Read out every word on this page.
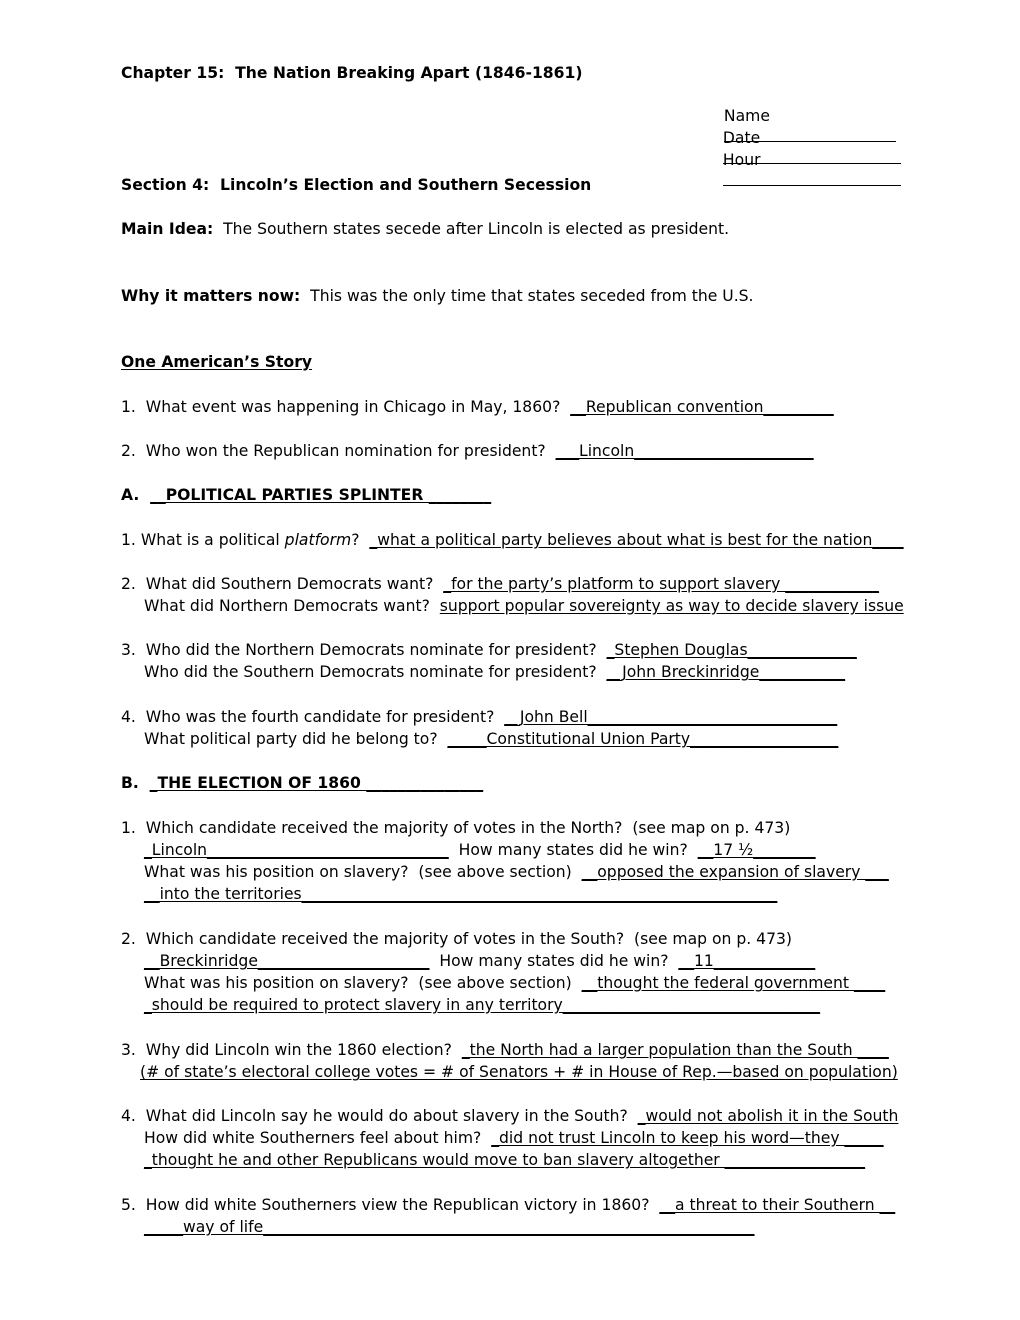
Chapter 15:  The Nation Breaking Apart (1846-1861)

Name

Date

Hour

Section 4:  Lincoln’s Election and Southern Secession
Main Idea:  The Southern states secede after Lincoln is elected as president.
Why it matters now:  This was the only time that states seceded from the U.S.
One American’s Story
1.  What event was happening in Chicago in May, 1860?  __Republican convention_________
2.  Who won the Republican nomination for president?  ___Lincoln_______________________
A.  __POLITICAL PARTIES SPLINTER ________
1. What is a political platform?  _what a political party believes about what is best for the nation____
2.  What did Southern Democrats want?  _for the party’s platform to support slavery ____________
What did Northern Democrats want?  support popular sovereignty as way to decide slavery issue
3.  Who did the Northern Democrats nominate for president?  _Stephen Douglas______________
Who did the Southern Democrats nominate for president?  __John Breckinridge___________
4.  Who was the fourth candidate for president?  __John Bell________________________________
What political party did he belong to?  _____Constitutional Union Party___________________
B.  _THE ELECTION OF 1860 _______________
1.  Which candidate received the majority of votes in the North?  (see map on p. 473)
_Lincoln_______________________________  How many states did he win?  __17 ½________
What was his position on slavery?  (see above section)  __opposed the expansion of slavery ___
__into the territories_____________________________________________________________
2.  Which candidate received the majority of votes in the South?  (see map on p. 473)
__Breckinridge______________________  How many states did he win?  __11_____________
What was his position on slavery?  (see above section)  __thought the federal government ____
_should be required to protect slavery in any territory_________________________________
3.  Why did Lincoln win the 1860 election?  _the North had a larger population than the South ____
(# of state’s electoral college votes = # of Senators + # in House of Rep.—based on population)
4.  What did Lincoln say he would do about slavery in the South?  _would not abolish it in the South
How did white Southerners feel about him?  _did not trust Lincoln to keep his word—they _____
_thought he and other Republicans would move to ban slavery altogether __________________
5.  How did white Southerners view the Republican victory in 1860?  __a threat to their Southern __
_____way of life_______________________________________________________________
